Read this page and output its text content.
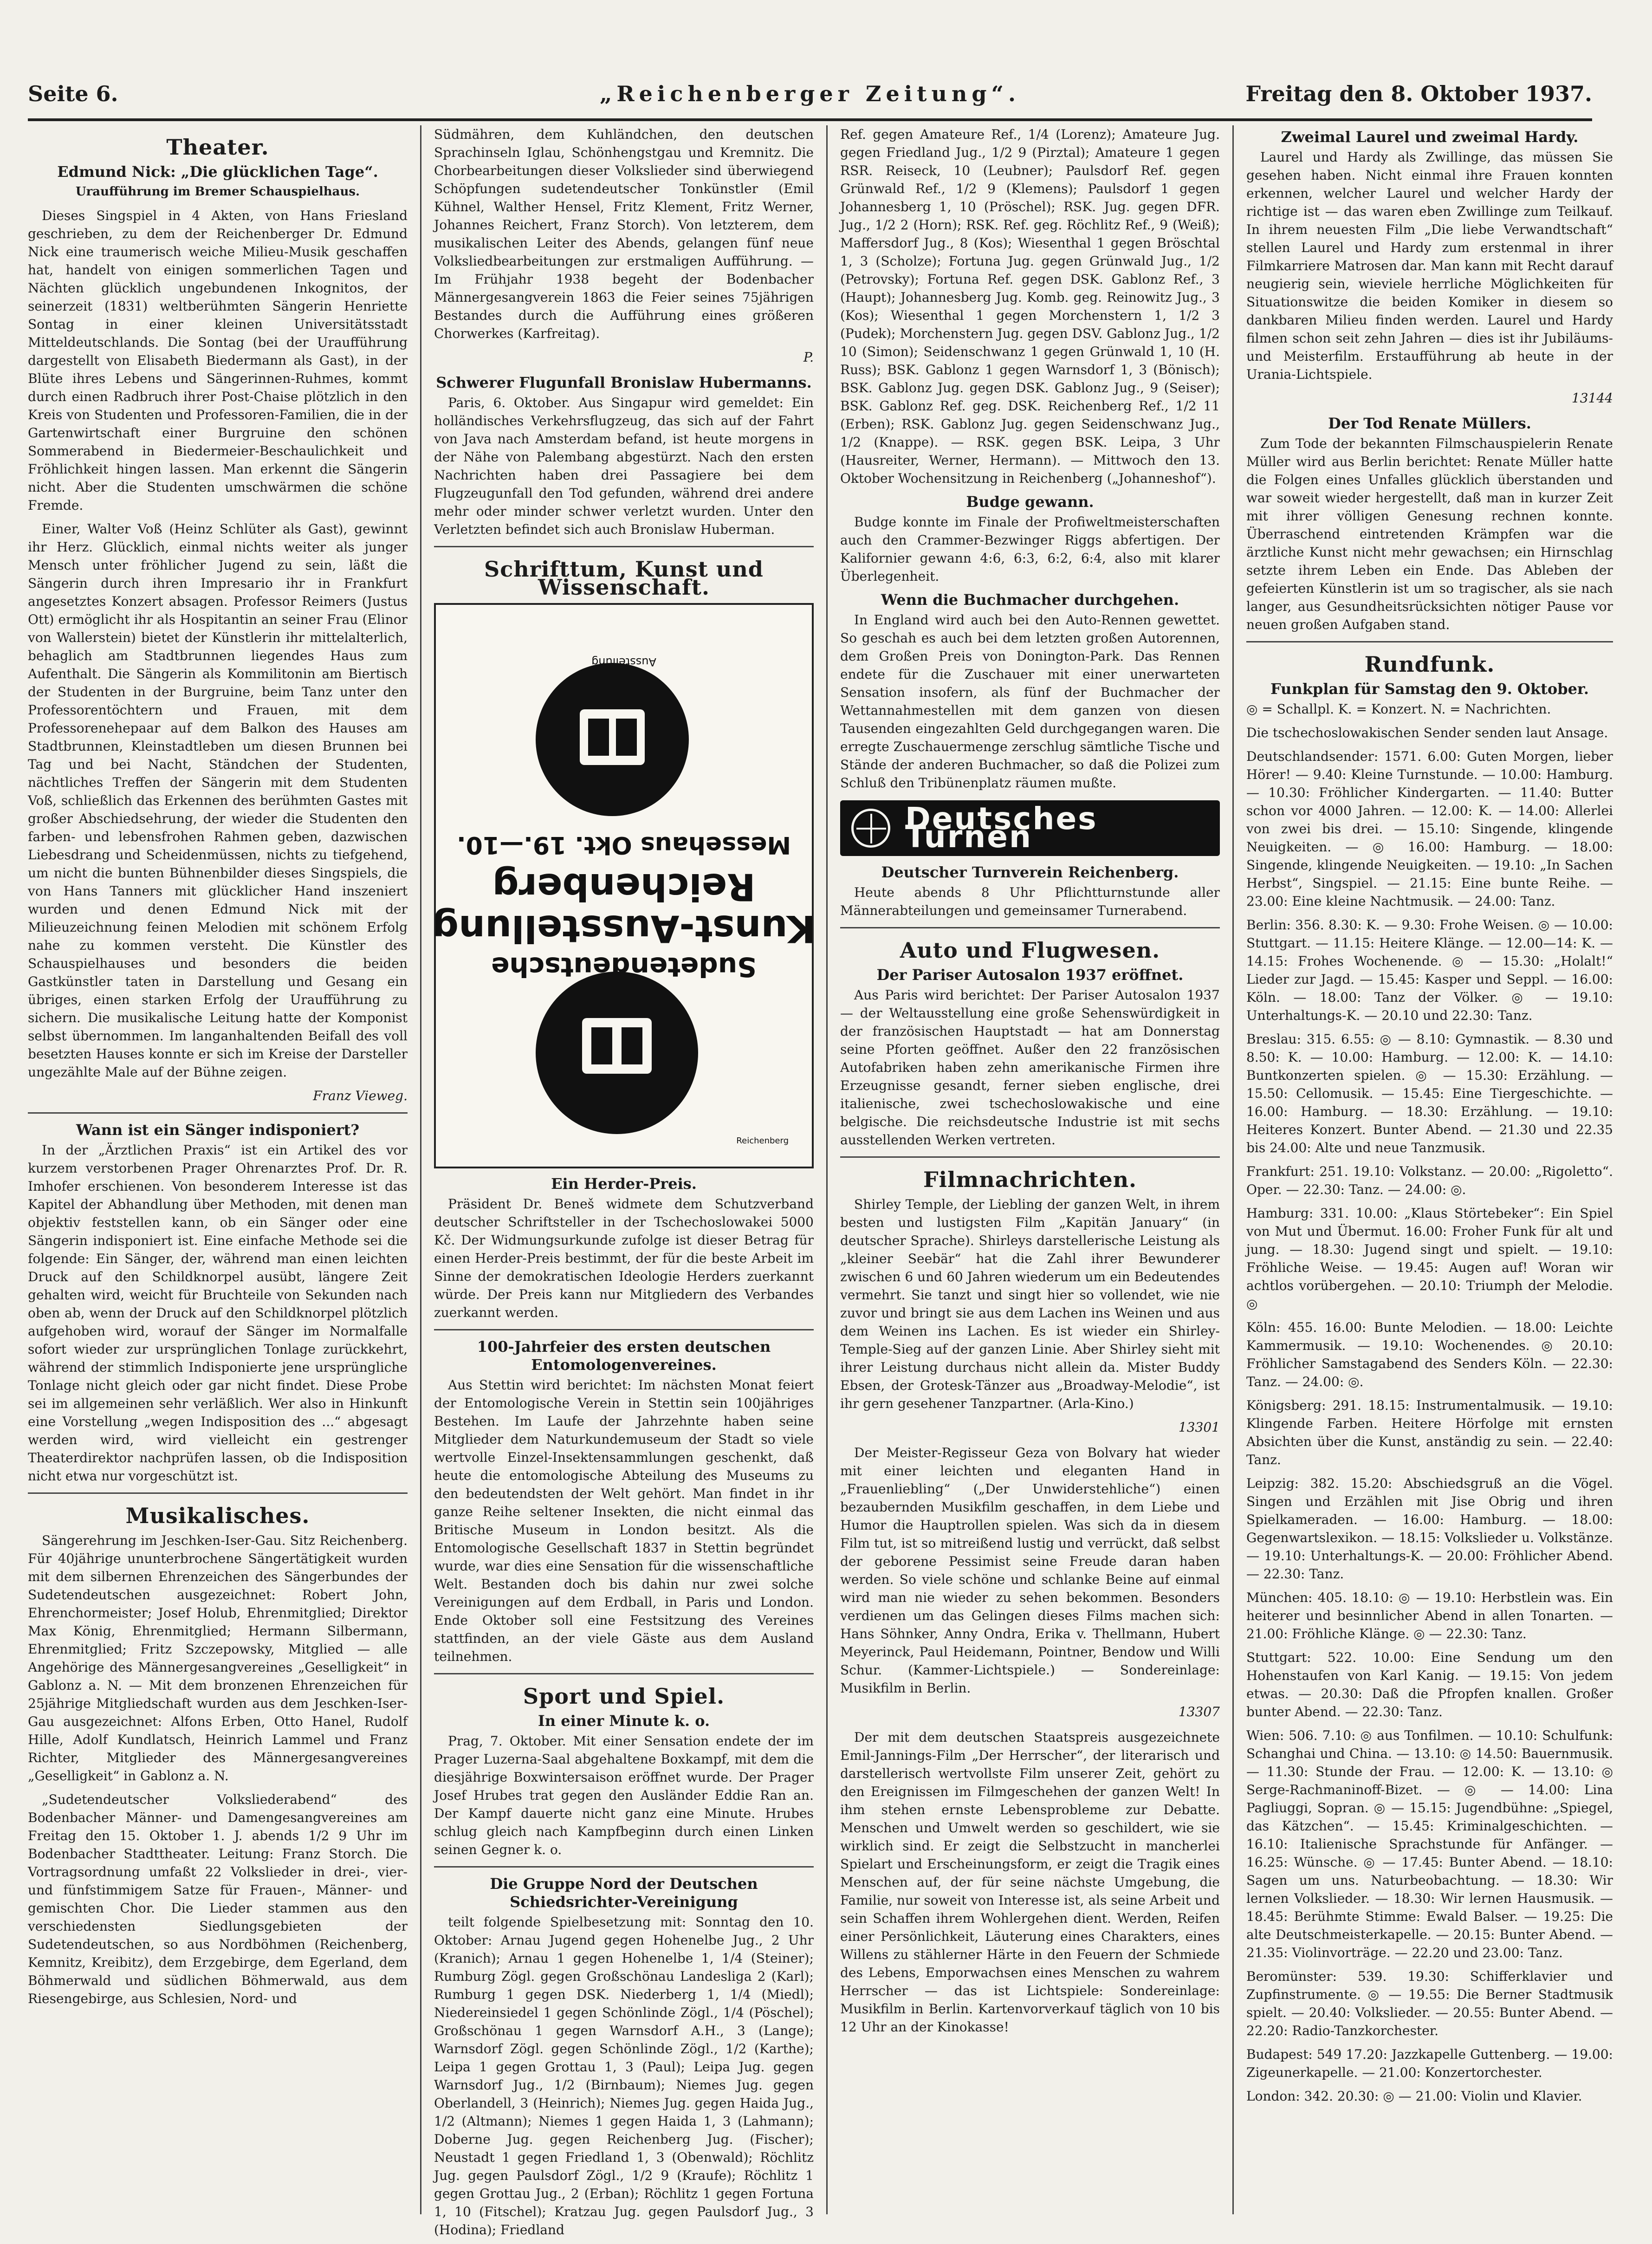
Seite 6.	„Reichenberger Zeitung“.	Freitag den 8. Oktober 1937.
Theater.
Edmund Nick: „Die glücklichen Tage“.
Uraufführung im Bremer Schauspielhaus.

Dieses Singspiel in 4 Akten, von Hans Friesland geschrieben, zu dem der Reichenberger Dr. Edmund Nick eine traumerisch weiche Milieu-Musik geschaffen hat, handelt von einigen sommerlichen Tagen und Nächten glücklich ungebundenen Inkognitos, der seinerzeit (1831) weltberühmten Sängerin Henriette Sontag in einer kleinen Universitätsstadt Mitteldeutschlands. Die Sontag (bei der Uraufführung dargestellt von Elisabeth Biedermann als Gast), in der Blüte ihres Lebens und Sängerinnen-Ruhmes, kommt durch einen Radbruch ihrer Post-Chaise plötzlich in den Kreis von Studenten und Professoren-Familien, die in der Gartenwirtschaft einer Burgruine den schönen Sommerabend in Biedermeier-Beschaulichkeit und Fröhlichkeit hingen lassen. Man erkennt die Sängerin nicht. Aber die Studenten umschwärmen die schöne Fremde.

Einer, Walter Voß (Heinz Schlüter als Gast), gewinnt ihr Herz. Glücklich, einmal nichts weiter als junger Mensch unter fröhlicher Jugend zu sein, läßt die Sängerin durch ihren Impresario ihr in Frankfurt angesetztes Konzert absagen. Professor Reimers (Justus Ott) ermöglicht ihr als Hospitantin an seiner Frau (Elinor von Wallerstein) bietet der Künstlerin ihr mittelalterlich, behaglich am Stadtbrunnen liegendes Haus zum Aufenthalt. Die Sängerin als Kommilitonin am Biertisch der Studenten in der Burgruine, beim Tanz unter den Professorentöchtern und Frauen, mit dem Professorenehepaar auf dem Balkon des Hauses am Stadtbrunnen, Kleinstadtleben um diesen Brunnen bei Tag und bei Nacht, Ständchen der Studenten, nächtliches Treffen der Sängerin mit dem Studenten Voß, schließlich das Erkennen des berühmten Gastes mit großer Abschiedsehrung, der wieder die Studenten den farben- und lebensfrohen Rahmen geben, dazwischen Liebesdrang und Scheidenmüssen, nichts zu tiefgehend, um nicht die bunten Bühnenbilder dieses Singspiels, die von Hans Tanners mit glücklicher Hand inszeniert wurden und denen Edmund Nick mit der Milieuzeichnung feinen Melodien mit schönem Erfolg nahe zu kommen versteht. Die Künstler des Schauspielhauses und besonders die beiden Gastkünstler taten in Darstellung und Gesang ein übriges, einen starken Erfolg der Uraufführung zu sichern. Die musikalische Leitung hatte der Komponist selbst übernommen. Im langanhaltenden Beifall des voll besetzten Hauses konnte er sich im Kreise der Darsteller ungezählte Male auf der Bühne zeigen.

Franz Vieweg.
Wann ist ein Sänger indisponiert?

In der „Ärztlichen Praxis“ ist ein Artikel des vor kurzem verstorbenen Prager Ohrenarztes Prof. Dr. R. Imhofer erschienen. Von besonderem Interesse ist das Kapitel der Abhandlung über Methoden, mit denen man objektiv feststellen kann, ob ein Sänger oder eine Sängerin indisponiert ist. Eine einfache Methode sei die folgende: Ein Sänger, der, während man einen leichten Druck auf den Schildknorpel ausübt, längere Zeit gehalten wird, weicht für Bruchteile von Sekunden nach oben ab, wenn der Druck auf den Schildknorpel plötzlich aufgehoben wird, worauf der Sänger im Normalfalle sofort wieder zur ursprünglichen Tonlage zurückkehrt, während der stimmlich Indisponierte jene ursprüngliche Tonlage nicht gleich oder gar nicht findet. Diese Probe sei im allgemeinen sehr verläßlich. Wer also in Hinkunft eine Vorstellung „wegen Indisposition des ...“ abgesagt werden wird, wird vielleicht ein gestrenger Theaterdirektor nachprüfen lassen, ob die Indisposition nicht etwa nur vorgeschützt ist.

Musikalisches.

Sängerehrung im Jeschken-Iser-Gau. Sitz Reichenberg. Für 40jährige ununterbrochene Sängertätigkeit wurden mit dem silbernen Ehrenzeichen des Sängerbundes der Sudetendeutschen ausgezeichnet: Robert John, Ehrenchormeister; Josef Holub, Ehrenmitglied; Direktor Max König, Ehrenmitglied; Hermann Silbermann, Ehrenmitglied; Fritz Szczepowsky, Mitglied — alle Angehörige des Männergesangvereines „Geselligkeit“ in Gablonz a. N. — Mit dem bronzenen Ehrenzeichen für 25jährige Mitgliedschaft wurden aus dem Jeschken-Iser-Gau ausgezeichnet: Alfons Erben, Otto Hanel, Rudolf Hille, Adolf Kundlatsch, Heinrich Lammel und Franz Richter, Mitglieder des Männergesangvereines „Geselligkeit“ in Gablonz a. N.

„Sudetendeutscher Volksliederabend“ des Bodenbacher Männer- und Damengesangvereines am Freitag den 15. Oktober 1. J. abends 1/2 9 Uhr im Bodenbacher Stadttheater. Leitung: Franz Storch. Die Vortragsordnung umfaßt 22 Volkslieder in drei-, vier- und fünfstimmigem Satze für Frauen-, Männer- und gemischten Chor. Die Lieder stammen aus den verschiedensten Siedlungsgebieten der Sudetendeutschen, so aus Nordböhmen (Reichenberg, Kemnitz, Kreibitz), dem Erzgebirge, dem Egerland, dem Böhmerwald und südlichen Böhmerwald, aus dem Riesengebirge, aus Schlesien, Nord- und

Südmähren, dem Kuhländchen, den deutschen Sprachinseln Iglau, Schönhengstgau und Kremnitz. Die Chorbearbeitungen dieser Volkslieder sind überwiegend Schöpfungen sudetendeutscher Tonkünstler (Emil Kühnel, Walther Hensel, Fritz Klement, Fritz Werner, Johannes Reichert, Franz Storch). Von letzterem, dem musikalischen Leiter des Abends, gelangen fünf neue Volksliedbearbeitungen zur erstmaligen Aufführung. — Im Frühjahr 1938 begeht der Bodenbacher Männergesangverein 1863 die Feier seines 75jährigen Bestandes durch die Aufführung eines größeren Chorwerkes (Karfreitag).

P.
Schwerer Flugunfall Bronislaw Hubermanns.

Paris, 6. Oktober. Aus Singapur wird gemeldet: Ein holländisches Verkehrsflugzeug, das sich auf der Fahrt von Java nach Amsterdam befand, ist heute morgens in der Nähe von Palembang abgestürzt. Nach den ersten Nachrichten haben drei Passagiere bei dem Flugzeugunfall den Tod gefunden, während drei andere mehr oder minder schwer verletzt wurden. Unter den Verletzten befindet sich auch Bronislaw Huberman.

Schrifttum, Kunst und Wissenschaft.
Sudetendeutsche
Kunst-Ausstellung
Reichenberg
Messehaus Okt. 19.—10.
Ausstellung
Reichenberg
Ein Herder-Preis.

Präsident Dr. Beneš widmete dem Schutzverband deutscher Schriftsteller in der Tschechoslowakei 5000 Kč. Der Widmungsurkunde zufolge ist dieser Betrag für einen Herder-Preis bestimmt, der für die beste Arbeit im Sinne der demokratischen Ideologie Herders zuerkannt würde. Der Preis kann nur Mitgliedern des Verbandes zuerkannt werden.

100-Jahrfeier des ersten deutschen Entomologenvereines.

Aus Stettin wird berichtet: Im nächsten Monat feiert der Entomologische Verein in Stettin sein 100jähriges Bestehen. Im Laufe der Jahrzehnte haben seine Mitglieder dem Naturkundemuseum der Stadt so viele wertvolle Einzel-Insektensammlungen geschenkt, daß heute die entomologische Abteilung des Museums zu den bedeutendsten der Welt gehört. Man findet in ihr ganze Reihe seltener Insekten, die nicht einmal das Britische Museum in London besitzt. Als die Entomologische Gesellschaft 1837 in Stettin begründet wurde, war dies eine Sensation für die wissenschaftliche Welt. Bestanden doch bis dahin nur zwei solche Vereinigungen auf dem Erdball, in Paris und London. Ende Oktober soll eine Festsitzung des Vereines stattfinden, an der viele Gäste aus dem Ausland teilnehmen.

Sport und Spiel.
In einer Minute k. o.

Prag, 7. Oktober. Mit einer Sensation endete der im Prager Luzerna-Saal abgehaltene Boxkampf, mit dem die diesjährige Boxwintersaison eröffnet wurde. Der Prager Josef Hrubes trat gegen den Ausländer Eddie Ran an. Der Kampf dauerte nicht ganz eine Minute. Hrubes schlug gleich nach Kampfbeginn durch einen Linken seinen Gegner k. o.

Die Gruppe Nord der Deutschen Schiedsrichter-Vereinigung

teilt folgende Spielbesetzung mit: Sonntag den 10. Oktober: Arnau Jugend gegen Hohenelbe Jug., 2 Uhr (Kranich); Arnau 1 gegen Hohenelbe 1, 1/4 (Steiner); Rumburg Zögl. gegen Großschönau Landesliga 2 (Karl); Rumburg 1 gegen DSK. Niederberg 1, 1/4 (Miedl); Niedereinsiedel 1 gegen Schönlinde Zögl., 1/4 (Pöschel); Großschönau 1 gegen Warnsdorf A.H., 3 (Lange); Warnsdorf Zögl. gegen Schönlinde Zögl., 1/2 (Karthe); Leipa 1 gegen Grottau 1, 3 (Paul); Leipa Jug. gegen Warnsdorf Jug., 1/2 (Birnbaum); Niemes Jug. gegen Oberlandell, 3 (Heinrich); Niemes Jug. gegen Haida Jug., 1/2 (Altmann); Niemes 1 gegen Haida 1, 3 (Lahmann); Doberne Jug. gegen Reichenberg Jug. (Fischer); Neustadt 1 gegen Friedland 1, 3 (Obenwald); Röchlitz Jug. gegen Paulsdorf Zögl., 1/2 9 (Kraufe); Röchlitz 1 gegen Grottau Jug., 2 (Erban); Röchlitz 1 gegen Fortuna 1, 10 (Fitschel); Kratzau Jug. gegen Paulsdorf Jug., 3 (Hodina); Friedland

Ref. gegen Amateure Ref., 1/4 (Lorenz); Amateure Jug. gegen Friedland Jug., 1/2 9 (Pirztal); Amateure 1 gegen RSR. Reiseck, 10 (Leubner); Paulsdorf Ref. gegen Grünwald Ref., 1/2 9 (Klemens); Paulsdorf 1 gegen Johannesberg 1, 10 (Pröschel); RSK. Jug. gegen DFR. Jug., 1/2 2 (Horn); RSK. Ref. geg. Röchlitz Ref., 9 (Weiß); Maffersdorf Jug., 8 (Kos); Wiesenthal 1 gegen Bröschtal 1, 3 (Scholze); Fortuna Jug. gegen Grünwald Jug., 1/2 (Petrovsky); Fortuna Ref. gegen DSK. Gablonz Ref., 3 (Haupt); Johannesberg Jug. Komb. geg. Reinowitz Jug., 3 (Kos); Wiesenthal 1 gegen Morchenstern 1, 1/2 3 (Pudek); Morchenstern Jug. gegen DSV. Gablonz Jug., 1/2 10 (Simon); Seidenschwanz 1 gegen Grünwald 1, 10 (H. Russ); BSK. Gablonz 1 gegen Warnsdorf 1, 3 (Bönisch); BSK. Gablonz Jug. gegen DSK. Gablonz Jug., 9 (Seiser); BSK. Gablonz Ref. geg. DSK. Reichenberg Ref., 1/2 11 (Erben); RSK. Gablonz Jug. gegen Seidenschwanz Jug., 1/2 (Knappe). — RSK. gegen BSK. Leipa, 3 Uhr (Hausreiter, Werner, Hermann). — Mittwoch den 13. Oktober Wochensitzung in Reichenberg („Johanneshof“).

Budge gewann.

Budge konnte im Finale der Profiweltmeisterschaften auch den Crammer-Bezwinger Riggs abfertigen. Der Kalifornier gewann 4:6, 6:3, 6:2, 6:4, also mit klarer Überlegenheit.

Wenn die Buchmacher durchgehen.

In England wird auch bei den Auto-Rennen gewettet. So geschah es auch bei dem letzten großen Autorennen, dem Großen Preis von Donington-Park. Das Rennen endete für die Zuschauer mit einer unerwarteten Sensation insofern, als fünf der Buchmacher der Wettannahmestellen mit dem ganzen von diesen Tausenden eingezahlten Geld durchgegangen waren. Die erregte Zuschauermenge zerschlug sämtliche Tische und Stände der anderen Buchmacher, so daß die Polizei zum Schluß den Tribünenplatz räumen mußte.

Deutsches Turnen
Deutscher Turnverein Reichenberg.

Heute abends 8 Uhr Pflichtturnstunde aller Männerabteilungen und gemeinsamer Turnerabend.

Auto und Flugwesen.
Der Pariser Autosalon 1937 eröffnet.

Aus Paris wird berichtet: Der Pariser Autosalon 1937 — der Weltausstellung eine große Sehenswürdigkeit in der französischen Hauptstadt — hat am Donnerstag seine Pforten geöffnet. Außer den 22 französischen Autofabriken haben zehn amerikanische Firmen ihre Erzeugnisse gesandt, ferner sieben englische, drei italienische, zwei tschechoslowakische und eine belgische. Die reichsdeutsche Industrie ist mit sechs ausstellenden Werken vertreten.

Filmnachrichten.

Shirley Temple, der Liebling der ganzen Welt, in ihrem besten und lustigsten Film „Kapitän January“ (in deutscher Sprache). Shirleys darstellerische Leistung als „kleiner Seebär“ hat die Zahl ihrer Bewunderer zwischen 6 und 60 Jahren wiederum um ein Bedeutendes vermehrt. Sie tanzt und singt hier so vollendet, wie nie zuvor und bringt sie aus dem Lachen ins Weinen und aus dem Weinen ins Lachen. Es ist wieder ein Shirley-Temple-Sieg auf der ganzen Linie. Aber Shirley sieht mit ihrer Leistung durchaus nicht allein da. Mister Buddy Ebsen, der Grotesk-Tänzer aus „Broadway-Melodie“, ist ihr gern gesehener Tanzpartner. (Arla-Kino.)

13301

Der Meister-Regisseur Geza von Bolvary hat wieder mit einer leichten und eleganten Hand in „Frauenliebling“ („Der Unwiderstehliche“) einen bezaubernden Musikfilm geschaffen, in dem Liebe und Humor die Hauptrollen spielen. Was sich da in diesem Film tut, ist so mitreißend lustig und verrückt, daß selbst der geborene Pessimist seine Freude daran haben werden. So viele schöne und schlanke Beine auf einmal wird man nie wieder zu sehen bekommen. Besonders verdienen um das Gelingen dieses Films machen sich: Hans Söhnker, Anny Ondra, Erika v. Thellmann, Hubert Meyerinck, Paul Heidemann, Pointner, Bendow und Willi Schur. (Kammer-Lichtspiele.) — Sondereinlage: Musikfilm in Berlin.

13307

Der mit dem deutschen Staatspreis ausgezeichnete Emil-Jannings-Film „Der Herrscher“, der literarisch und darstellerisch wertvollste Film unserer Zeit, gehört zu den Ereignissen im Filmgeschehen der ganzen Welt! In ihm stehen ernste Lebensprobleme zur Debatte. Menschen und Umwelt werden so geschildert, wie sie wirklich sind. Er zeigt die Selbstzucht in mancherlei Spielart und Erscheinungsform, er zeigt die Tragik eines Menschen auf, der für seine nächste Umgebung, die Familie, nur soweit von Interesse ist, als seine Arbeit und sein Schaffen ihrem Wohlergehen dient. Werden, Reifen einer Persönlichkeit, Läuterung eines Charakters, eines Willens zu stählerner Härte in den Feuern der Schmiede des Lebens, Emporwachsen eines Menschen zu wahrem Herrscher — das ist Lichtspiele: Sondereinlage: Musikfilm in Berlin. Kartenvorverkauf täglich von 10 bis 12 Uhr an der Kinokasse!

Zweimal Laurel und zweimal Hardy.

Laurel und Hardy als Zwillinge, das müssen Sie gesehen haben. Nicht einmal ihre Frauen konnten erkennen, welcher Laurel und welcher Hardy der richtige ist — das waren eben Zwillinge zum Teilkauf. In ihrem neuesten Film „Die liebe Verwandtschaft“ stellen Laurel und Hardy zum erstenmal in ihrer Filmkarriere Matrosen dar. Man kann mit Recht darauf neugierig sein, wieviele herrliche Möglichkeiten für Situationswitze die beiden Komiker in diesem so dankbaren Milieu finden werden. Laurel und Hardy filmen schon seit zehn Jahren — dies ist ihr Jubiläums- und Meisterfilm. Erstaufführung ab heute in der Urania-Lichtspiele.

13144
Der Tod Renate Müllers.

Zum Tode der bekannten Filmschauspielerin Renate Müller wird aus Berlin berichtet: Renate Müller hatte die Folgen eines Unfalles glücklich überstanden und war soweit wieder hergestellt, daß man in kurzer Zeit mit ihrer völligen Genesung rechnen konnte. Überraschend eintretenden Krämpfen war die ärztliche Kunst nicht mehr gewachsen; ein Hirnschlag setzte ihrem Leben ein Ende. Das Ableben der gefeierten Künstlerin ist um so tragischer, als sie nach langer, aus Gesundheitsrücksichten nötiger Pause vor neuen großen Aufgaben stand.

Rundfunk.
Funkplan für Samstag den 9. Oktober.

◎ = Schallpl. K. = Konzert. N. = Nachrichten.

Die tschechoslowakischen Sender senden laut Ansage.

Deutschlandsender: 1571. 6.00: Guten Morgen, lieber Hörer! — 9.40: Kleine Turnstunde. — 10.00: Hamburg. — 10.30: Fröhlicher Kindergarten. — 11.40: Butter schon vor 4000 Jahren. — 12.00: K. — 14.00: Allerlei von zwei bis drei. — 15.10: Singende, klingende Neuigkeiten. — ◎ 16.00: Hamburg. — 18.00: Singende, klingende Neuigkeiten. — 19.10: „In Sachen Herbst“, Singspiel. — 21.15: Eine bunte Reihe. — 23.00: Eine kleine Nachtmusik. — 24.00: Tanz.

Berlin: 356. 8.30: K. — 9.30: Frohe Weisen. ◎ — 10.00: Stuttgart. — 11.15: Heitere Klänge. — 12.00—14: K. — 14.15: Frohes Wochenende. ◎ — 15.30: „Holalt!“ Lieder zur Jagd. — 15.45: Kasper und Seppl. — 16.00: Köln. — 18.00: Tanz der Völker. ◎ — 19.10: Unterhaltungs-K. — 20.10 und 22.30: Tanz.

Breslau: 315. 6.55: ◎ — 8.10: Gymnastik. — 8.30 und 8.50: K. — 10.00: Hamburg. — 12.00: K. — 14.10: Buntkonzerten spielen. ◎ — 15.30: Erzählung. — 15.50: Cellomusik. — 15.45: Eine Tiergeschichte. — 16.00: Hamburg. — 18.30: Erzählung. — 19.10: Heiteres Konzert. Bunter Abend. — 21.30 und 22.35 bis 24.00: Alte und neue Tanzmusik.

Frankfurt: 251. 19.10: Volkstanz. — 20.00: „Rigoletto“. Oper. — 22.30: Tanz. — 24.00: ◎.

Hamburg: 331. 10.00: „Klaus Störtebeker“: Ein Spiel von Mut und Übermut. 16.00: Froher Funk für alt und jung. — 18.30: Jugend singt und spielt. — 19.10: Fröhliche Weise. — 19.45: Augen auf! Woran wir achtlos vorübergehen. — 20.10: Triumph der Melodie. ◎

Köln: 455. 16.00: Bunte Melodien. — 18.00: Leichte Kammermusik. — 19.10: Wochenendes. ◎ 20.10: Fröhlicher Samstagabend des Senders Köln. — 22.30: Tanz. — 24.00: ◎.

Königsberg: 291. 18.15: Instrumentalmusik. — 19.10: Klingende Farben. Heitere Hörfolge mit ernsten Absichten über die Kunst, anständig zu sein. — 22.40: Tanz.

Leipzig: 382. 15.20: Abschiedsgruß an die Vögel. Singen und Erzählen mit Jise Obrig und ihren Spielkameraden. — 16.00: Hamburg. — 18.00: Gegenwartslexikon. — 18.15: Volkslieder u. Volkstänze. — 19.10: Unterhaltungs-K. — 20.00: Fröhlicher Abend. — 22.30: Tanz.

München: 405. 18.10: ◎ — 19.10: Herbstlein was. Ein heiterer und besinnlicher Abend in allen Tonarten. — 21.00: Fröhliche Klänge. ◎ — 22.30: Tanz.

Stuttgart: 522. 10.00: Eine Sendung um den Hohenstaufen von Karl Kanig. — 19.15: Von jedem etwas. — 20.30: Daß die Pfropfen knallen. Großer bunter Abend. — 22.30: Tanz.

Wien: 506. 7.10: ◎ aus Tonfilmen. — 10.10: Schulfunk: Schanghai und China. — 13.10: ◎ 14.50: Bauernmusik. — 11.30: Stunde der Frau. — 12.00: K. — 13.10: ◎ Serge-Rachmaninoff-Bizet. — ◎ — 14.00: Lina Pagliuggi, Sopran. ◎ — 15.15: Jugendbühne: „Spiegel, das Kätzchen“. — 15.45: Kriminalgeschichten. — 16.10: Italienische Sprachstunde für Anfänger. — 16.25: Wünsche. ◎ — 17.45: Bunter Abend. — 18.10: Sagen um uns. Naturbeobachtung. — 18.30: Wir lernen Volkslieder. — 18.30: Wir lernen Hausmusik. — 18.45: Berühmte Stimme: Ewald Balser. — 19.25: Die alte Deutschmeisterkapelle. — 20.15: Bunter Abend. — 21.35: Violinvorträge. — 22.20 und 23.00: Tanz.

Beromünster: 539. 19.30: Schifferklavier und Zupfinstrumente. ◎ — 19.55: Die Berner Stadtmusik spielt. — 20.40: Volkslieder. — 20.55: Bunter Abend. — 22.20: Radio-Tanzkorchester.

Budapest: 549 17.20: Jazzkapelle Guttenberg. — 19.00: Zigeunerkapelle. — 21.00: Konzertorchester.

London: 342. 20.30: ◎ — 21.00: Violin und Klavier.
